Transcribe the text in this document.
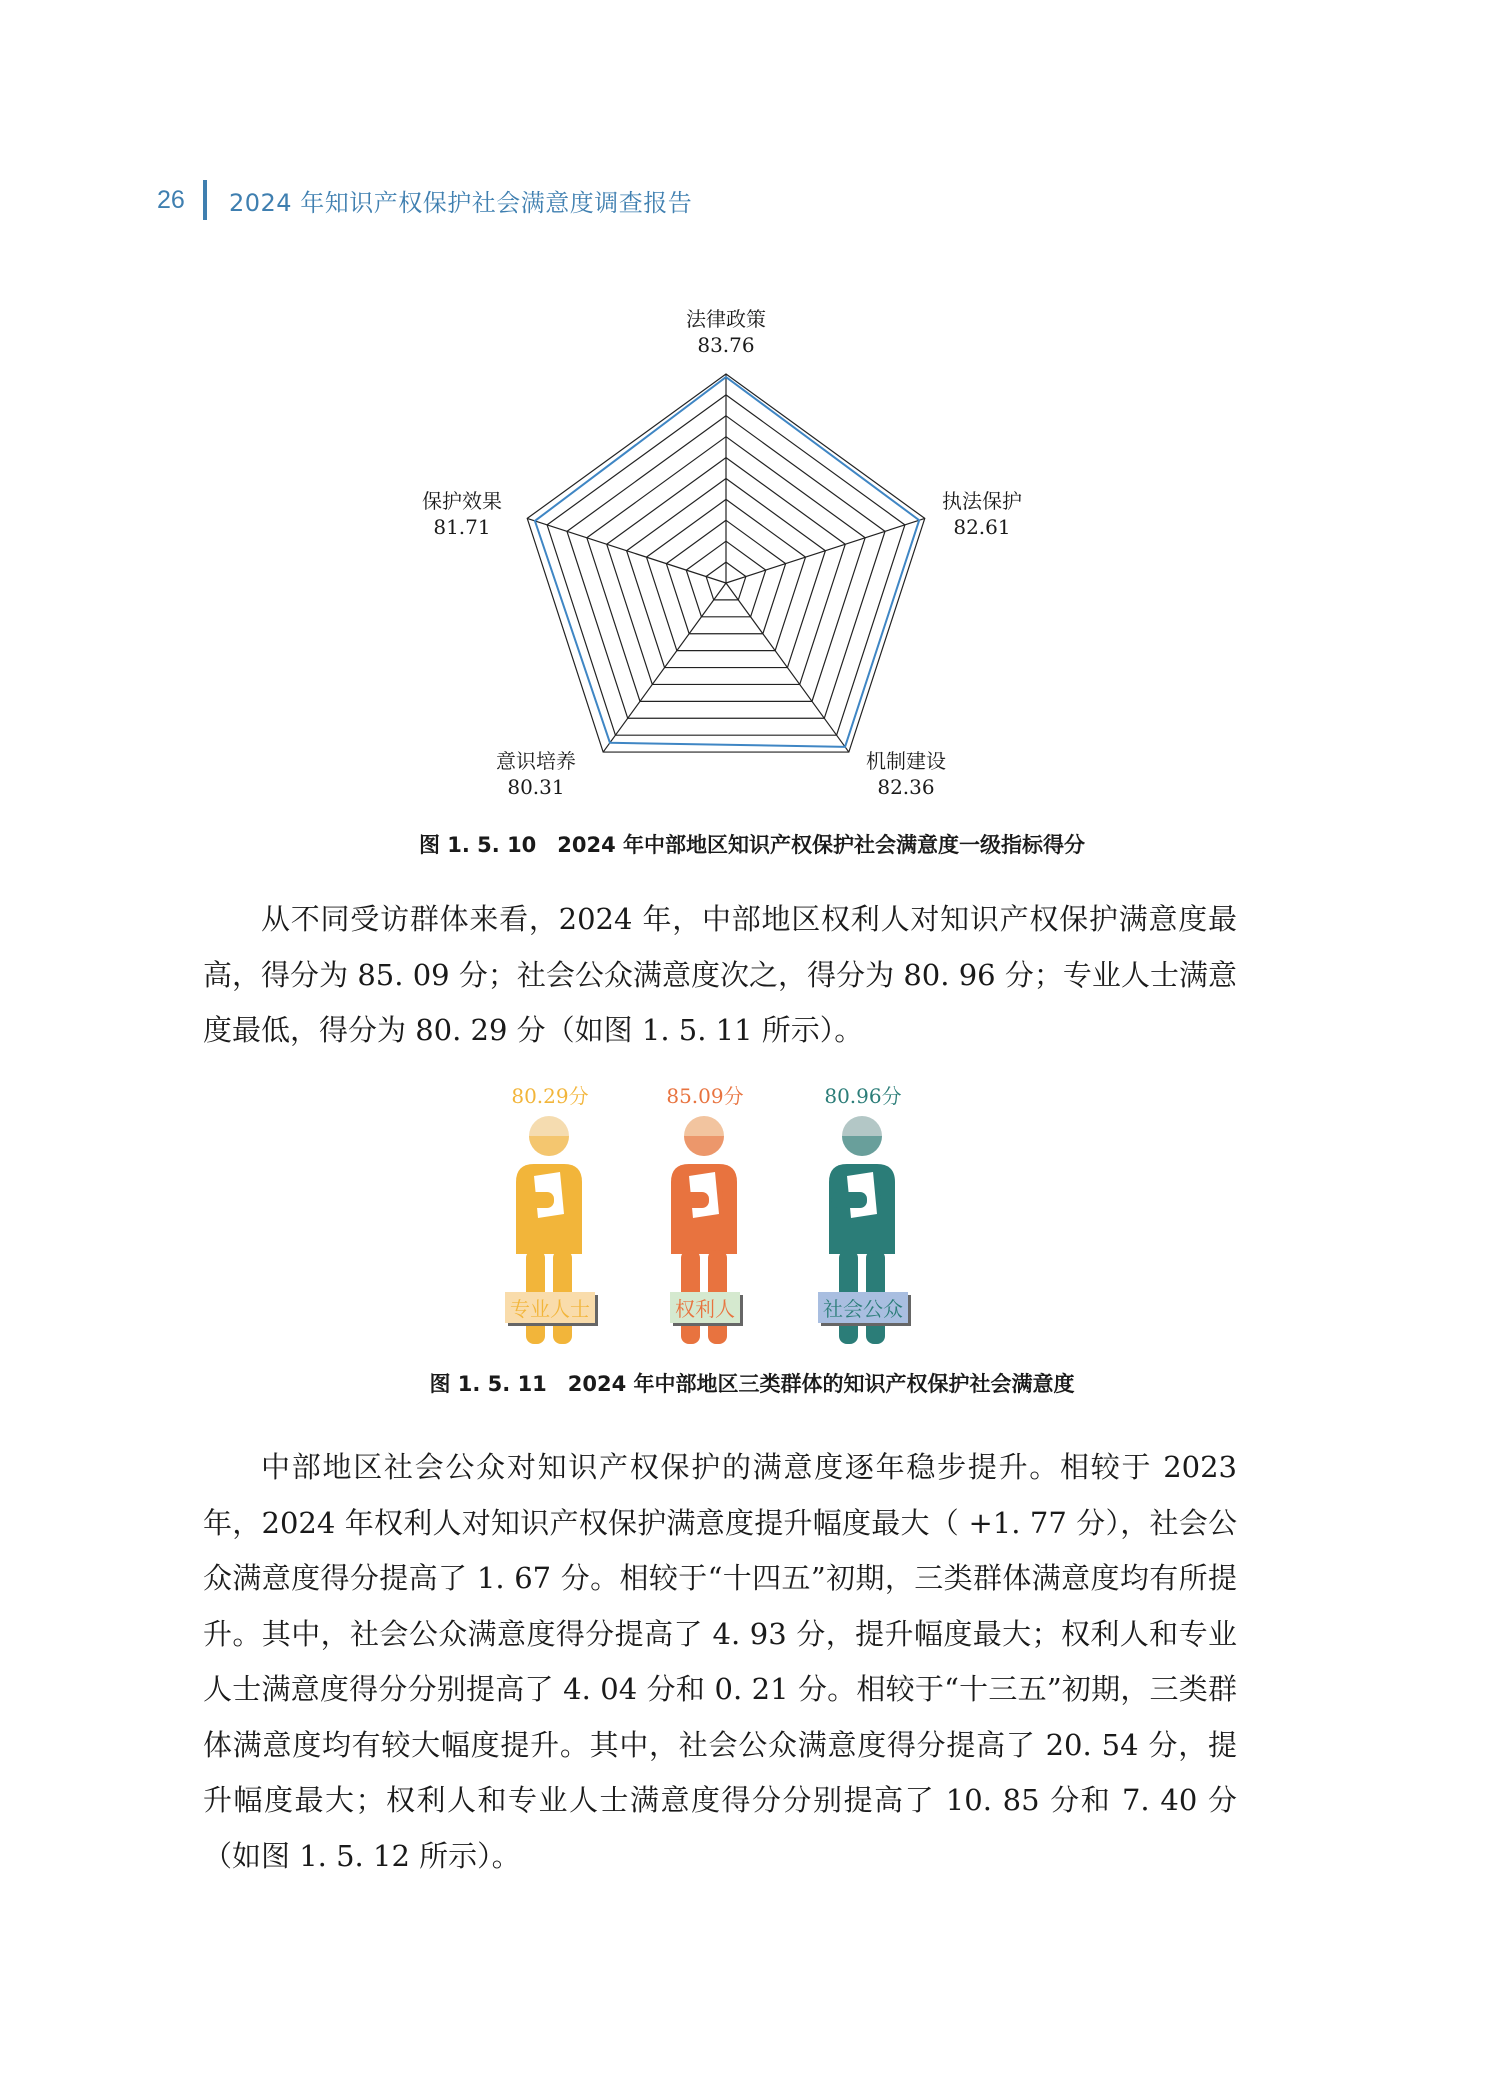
26	2024 年知识产权保护社会满意度调查报告
法律政策
83.76
执法保护
82.61
机制建设
82.36
意识培养
80.31
保护效果
81.71
图 1. 5. 10　2024 年中部地区知识产权保护社会满意度一级指标得分

从不同受访群体来看，2024 年，中部地区权利人对知识产权保护满意度最高，得分为 85. 09 分；社会公众满意度次之，得分为 80. 96 分；专业人士满意度最低，得分为 80. 29 分（如图 1. 5. 11 所示）。

80.29分
专业人士
85.09分
权利人
80.96分
社会公众
图 1. 5. 11　2024 年中部地区三类群体的知识产权保护社会满意度

中部地区社会公众对知识产权保护的满意度逐年稳步提升。相较于 2023 年，2024 年权利人对知识产权保护满意度提升幅度最大（ +1. 77 分），社会公众满意度得分提高了 1. 67 分。相较于“十四五”初期，三类群体满意度均有所提升。其中，社会公众满意度得分提高了 4. 93 分，提升幅度最大；权利人和专业人士满意度得分分别提高了 4. 04 分和 0. 21 分。相较于“十三五”初期，三类群体满意度均有较大幅度提升。其中，社会公众满意度得分提高了 20. 54 分，提升幅度最大；权利人和专业人士满意度得分分别提高了 10. 85 分和 7. 40 分（如图 1. 5. 12 所示）。
